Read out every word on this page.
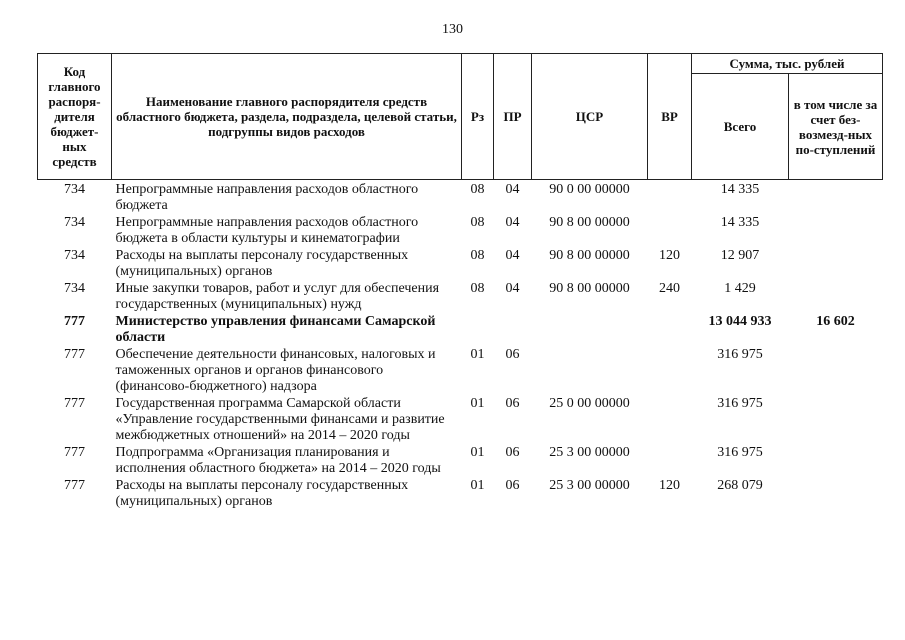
130
Код главного распоря-дителя бюджет-ных средств	Наименование главного распорядителя средств областного бюджета, раздела, подраздела, целевой статьи, подгруппы видов расходов	Рз	ПР	ЦСР	ВР	Сумма, тыс. рублей	
						Всего	в том числе за счет без-возмезд-ных по-ступлений
734	Непрограммные направления расходов областного бюджета	08	04	90 0 00 00000		14 335	
734	Непрограммные направления расходов областного бюджета в области культуры и кинематографии	08	04	90 8 00 00000		14 335	
734	Расходы на выплаты персоналу государственных (муниципальных) органов	08	04	90 8 00 00000	120	12 907	
734	Иные закупки товаров, работ и услуг для обеспечения государственных (муниципальных) нужд	08	04	90 8 00 00000	240	1 429	
777	Министерство управления финансами Самарской области					13 044 933	16 602
777	Обеспечение деятельности финансовых, налоговых и таможенных органов и органов финансового (финансово-бюджетного) надзора	01	06			316 975	
777	Государственная программа Самарской области «Управление государственными финансами и развитие межбюджетных отношений» на 2014 – 2020 годы	01	06	25 0 00 00000		316 975	
777	Подпрограмма «Организация планирования и исполнения областного бюджета» на 2014 – 2020 годы	01	06	25 3 00 00000		316 975	
777	Расходы на выплаты персоналу государственных (муниципальных) органов	01	06	25 3 00 00000	120	268 079	
